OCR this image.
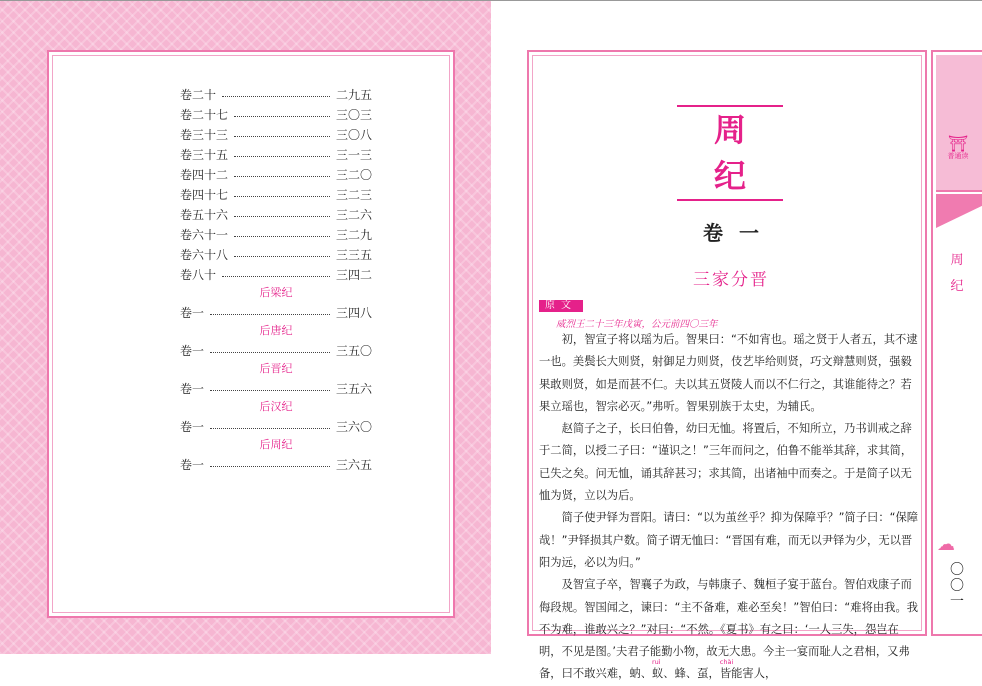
卷二十	二九五
卷二十七	三〇三
卷三十三	三〇八
卷三十五	三一三
卷四十二	三二〇
卷四十七	三二三
卷五十六	三二六
卷六十一	三二九
卷六十八	三三五
卷八十	三四二
后梁纪
卷一	三四八
后唐纪
卷一	三五〇
后晋纪
卷一	三五六
后汉纪
卷一	三六〇
后周纪
卷一	三六五
⛩
普通读
周
纪
☁
〇
〇
一
周纪
卷一
三家分晋
原文
威烈王二十三年戊寅，公元前四〇三年

初，智宣子将以瑶为后。智果曰：“不如宵也。瑶之贤于人者五，其不逮一也。美鬓长大则贤，射御足力则贤，伎艺毕给则贤，巧文辩慧则贤，强毅果敢则贤，如是而甚不仁。夫以其五贤陵人而以不仁行之，其谁能待之？若果立瑶也，智宗必灭。”弗听。智果别族于太史，为辅氏。

赵简子之子，长曰伯鲁，幼曰无恤。将置后，不知所立，乃书训戒之辞于二简，以授二子曰：“谨识之！”三年而问之，伯鲁不能举其辞，求其简，已失之矣。问无恤，诵其辞甚习；求其简，出诸袖中而奏之。于是简子以无恤为贤，立以为后。

简子使尹铎为晋阳。请曰：“以为茧丝乎？抑为保障乎？”简子曰：“保障哉！”尹铎损其户数。简子谓无恤曰：“晋国有难，而无以尹铎为少，无以晋阳为远，必以为归。”

及智宣子卒，智襄子为政，与韩康子、魏桓子宴于蓝台。智伯戏康子而侮段规。智国闻之，谏曰：“主不备难，难必至矣！”智伯曰：“难将由我。我不为难，谁敢兴之？”对曰：“不然。《夏书》有之曰：‘一人三失，怨岂在明，不见是图。’夫君子能勤小物，故无大患。今主一宴而耻人之君相，又弗备，曰不敢兴难，蚋
ruì
、蚁、蜂、虿
chài
，皆能害人，
